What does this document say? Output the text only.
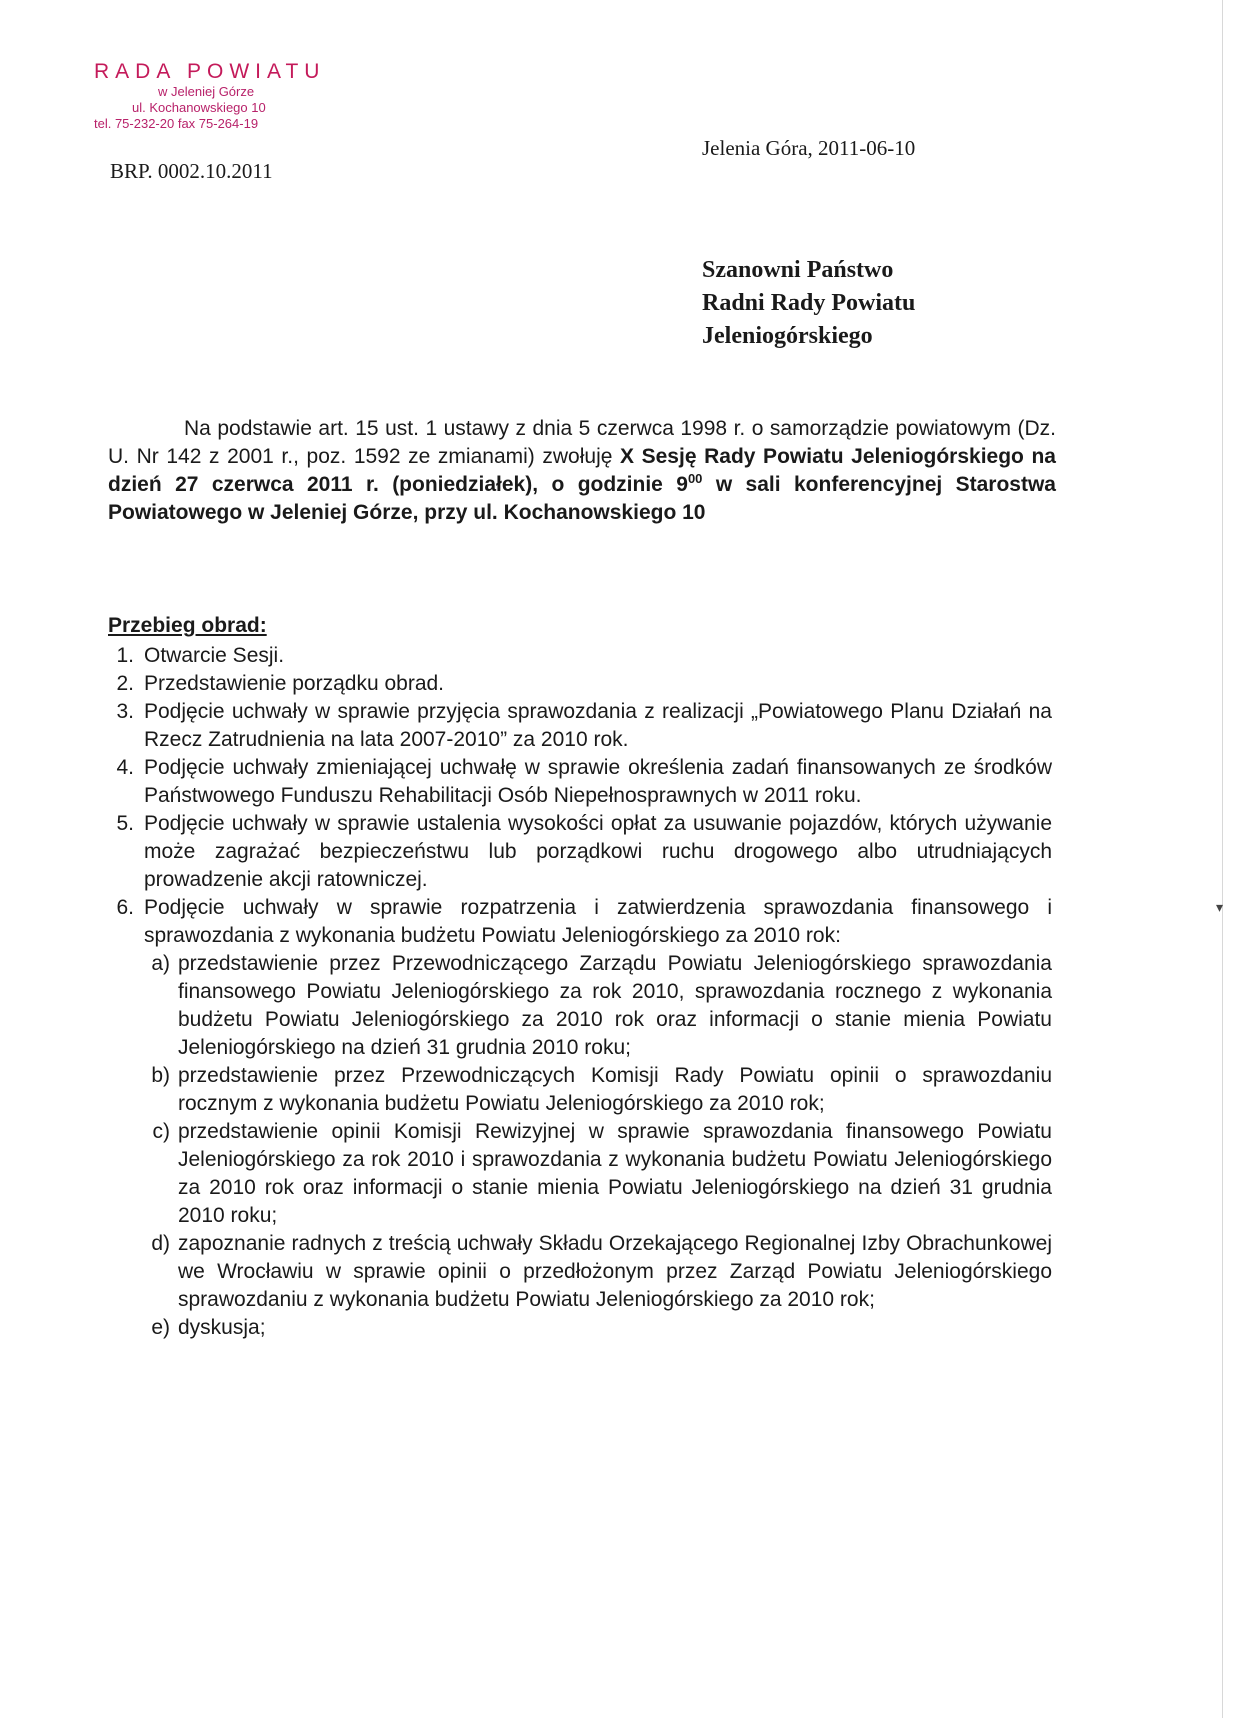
RADA POWIATU
w Jeleniej Górze
ul. Kochanowskiego 10
tel. 75-232-20 fax 75-264-19
BRP. 0002.10.2011
Jelenia Góra, 2011-06-10
Szanowni Państwo
Radni Rady Powiatu
Jeleniogórskiego

Na podstawie art. 15 ust. 1 ustawy z dnia 5 czerwca 1998 r. o samorządzie powiatowym (Dz. U. Nr 142 z 2001 r., poz. 1592 ze zmianami) zwołuję X Sesję Rady Powiatu Jeleniogórskiego na dzień 27 czerwca 2011 r. (poniedziałek), o godzinie $9^{00}$ w sali konferencyjnej Starostwa Powiatowego w Jeleniej Górze, przy ul. Kochanowskiego 10

Przebieg obrad:
1. Otwarcie Sesji.
2. Przedstawienie porządku obrad.
3. Podjęcie uchwały w sprawie przyjęcia sprawozdania z realizacji „Powiatowego Planu Działań na Rzecz Zatrudnienia na lata 2007-2010” za 2010 rok.
4. Podjęcie uchwały zmieniającej uchwałę w sprawie określenia zadań finansowanych ze środków Państwowego Funduszu Rehabilitacji Osób Niepełnosprawnych w 2011 roku.
5. Podjęcie uchwały w sprawie ustalenia wysokości opłat za usuwanie pojazdów, których używanie może zagrażać bezpieczeństwu lub porządkowi ruchu drogowego albo utrudniających prowadzenie akcji ratowniczej.
6. Podjęcie uchwały w sprawie rozpatrzenia i zatwierdzenia sprawozdania finansowego i sprawozdania z wykonania budżetu Powiatu Jeleniogórskiego za 2010 rok:
a) przedstawienie przez Przewodniczącego Zarządu Powiatu Jeleniogórskiego sprawozdania finansowego Powiatu Jeleniogórskiego za rok 2010, sprawozdania rocznego z wykonania budżetu Powiatu Jeleniogórskiego za 2010 rok oraz informacji o stanie mienia Powiatu Jeleniogórskiego na dzień 31 grudnia 2010 roku;
b) przedstawienie przez Przewodniczących Komisji Rady Powiatu opinii o sprawozdaniu rocznym z wykonania budżetu Powiatu Jeleniogórskiego za 2010 rok;
c) przedstawienie opinii Komisji Rewizyjnej w sprawie sprawozdania finansowego Powiatu Jeleniogórskiego za rok 2010 i sprawozdania z wykonania budżetu Powiatu Jeleniogórskiego za 2010 rok oraz informacji o stanie mienia Powiatu Jeleniogórskiego na dzień 31 grudnia 2010 roku;
d) zapoznanie radnych z treścią uchwały Składu Orzekającego Regionalnej Izby Obrachunkowej we Wrocławiu w sprawie opinii o przedłożonym przez Zarząd Powiatu Jeleniogórskiego sprawozdaniu z wykonania budżetu Powiatu Jeleniogórskiego za 2010 rok;
e) dyskusja;
▾
